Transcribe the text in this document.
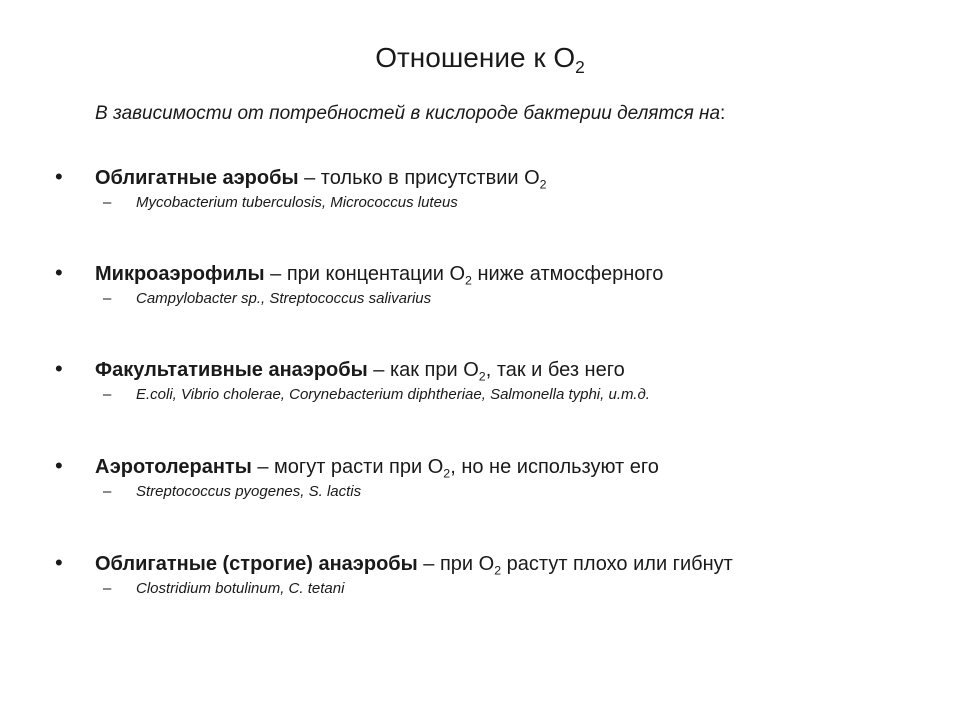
Отношение к $O_2$
В зависимости от потребностей в кислороде бактерии делятся на:
• Облигатные аэробы – только в присутствии $O_2$
– Mycobacterium tuberculosis, Micrococcus luteus
• Микроаэрофилы – при концентации $O_2$ ниже атмосферного
– Campylobacter sp., Streptococcus salivarius
• Факультативные анаэробы – как при $O_2$, так и без него
– E.coli, Vibrio cholerae, Corynebacterium diphtheriae, Salmonella typhi, и.т.д.
• Аэротолеранты – могут расти при $O_2$, но не используют его
– Streptococcus pyogenes, S. lactis
• Облигатные (строгие) анаэробы – при $O_2$ растут плохо или гибнут
– Clostridium botulinum, C. tetani
